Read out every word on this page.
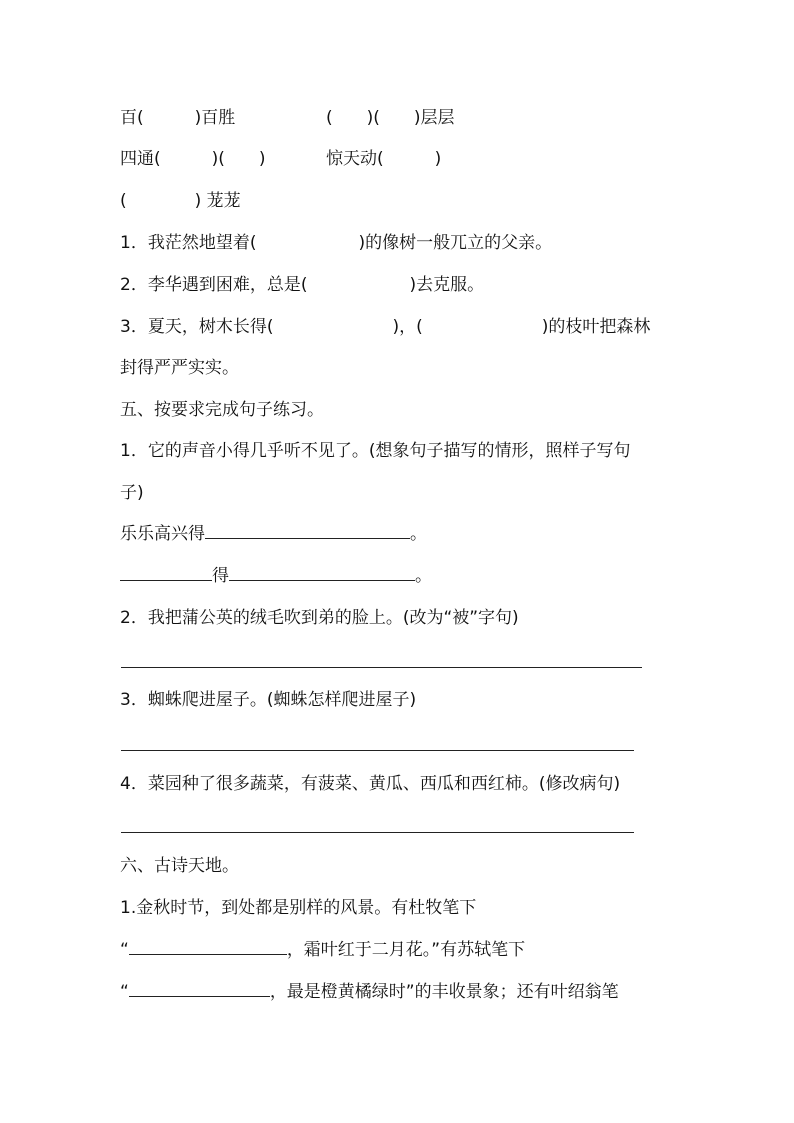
百(　　　)百胜	(　　)(　　)层层
四通(　　　)(　　)	惊天动(　　　)
(　　　　) 茏茏
1．我茫然地望着(　　　　　　)的像树一般兀立的父亲。
2．李华遇到困难，总是(　　　　　　)去克服。
3．夏天，树木长得(　　　　　　　)，(　　　　　　　)的枝叶把森林
封得严严实实。
五、按要求完成句子练习。
1．它的声音小得几乎听不见了。(想象句子描写的情形，照样子写句
子)
乐乐高兴得	。
得	。
2．我把蒲公英的绒毛吹到弟的脸上。(改为“被”字句)
3．蜘蛛爬进屋子。(蜘蛛怎样爬进屋子)
4．菜园种了很多蔬菜，有菠菜、黄瓜、西瓜和西红柿。(修改病句)
六、古诗天地。
1.金秋时节，到处都是别样的风景。有杜牧笔下
“	，霜叶红于二月花。”有苏轼笔下
“	，最是橙黄橘绿时”的丰收景象；还有叶绍翁笔
